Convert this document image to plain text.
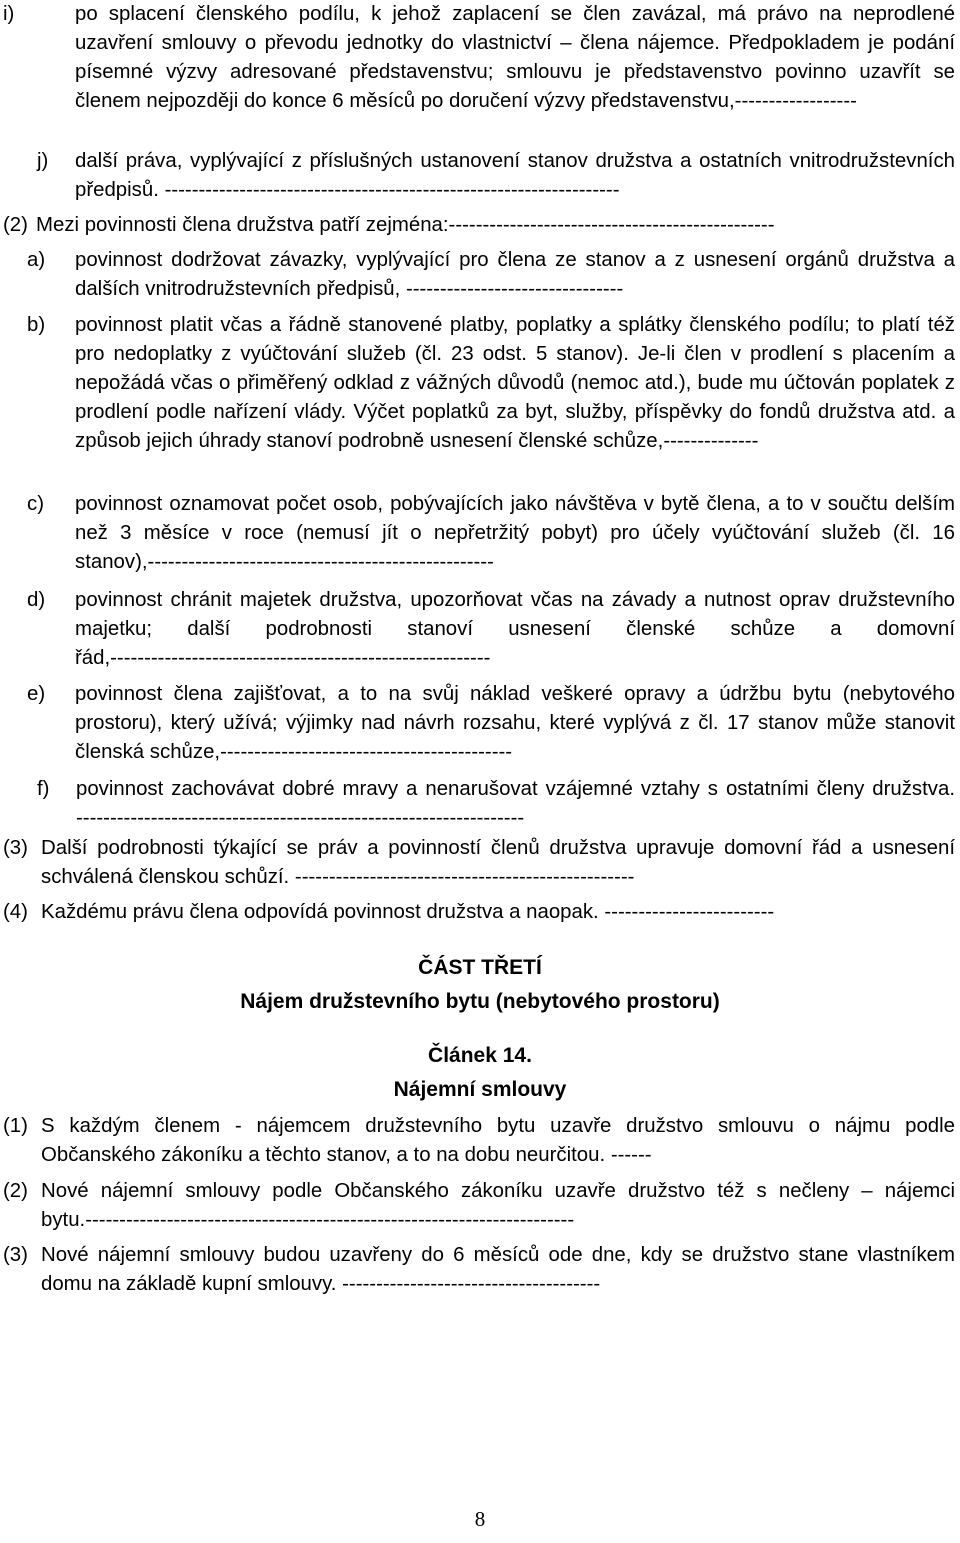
i)	po splacení členského podílu, k jehož zaplacení se člen zavázal, má právo na neprodlené uzavření smlouvy o převodu jednotky do vlastnictví – člena nájemce. Předpokladem je podání písemné výzvy adresované představenstvu; smlouvu je představenstvo povinno uzavřít se členem nejpozději do konce 6 měsíců po doručení výzvy představenstvu,------------------
j) další práva, vyplývající z příslušných ustanovení stanov družstva a ostatních vnitrodružstevních předpisů. -------------------------------------------------------------------
(2) Mezi povinnosti člena družstva patří zejména:------------------------------------------------
a) povinnost dodržovat závazky, vyplývající pro člena ze stanov a z usnesení orgánů družstva a dalších vnitrodružstevních předpisů, --------------------------------
b) povinnost platit včas a řádně stanovené platby, poplatky a splátky členského podílu; to platí též pro nedoplatky z vyúčtování služeb (čl. 23 odst. 5 stanov). Je-li člen v prodlení s placením a nepožádá včas o přiměřený odklad z vážných důvodů (nemoc atd.), bude mu účtován poplatek z prodlení podle nařízení vlády. Výčet poplatků za byt, služby, příspěvky do fondů družstva atd. a způsob jejich úhrady stanoví podrobně usnesení členské schůze,--------------
c) povinnost oznamovat počet osob, pobývajících jako návštěva v bytě člena, a to v součtu delším než 3 měsíce v roce (nemusí jít o nepřetržitý pobyt) pro účely vyúčtování služeb (čl. 16 stanov),---------------------------------------------------
d) povinnost chránit majetek družstva, upozorňovat včas na závady a nutnost oprav družstevního majetku; další podrobnosti stanoví usnesení členské schůze a domovní řád,--------------------------------------------------------
e) povinnost člena zajišťovat, a to na svůj náklad veškeré opravy a údržbu bytu (nebytového prostoru), který užívá; výjimky nad návrh rozsahu, které vyplývá z čl. 17 stanov může stanovit členská schůze,-------------------------------------------
f) povinnost zachovávat dobré mravy a nenarušovat vzájemné vztahy s ostatními členy družstva. ------------------------------------------------------------------
(3) Další podrobnosti týkající se práv a povinností členů družstva upravuje domovní řád a usnesení schválená členskou schůzí. --------------------------------------------------
(4) Každému právu člena odpovídá povinnost družstva a naopak. -------------------------
ČÁST TŘETÍ
Nájem družstevního bytu (nebytového prostoru)
Článek 14.
Nájemní smlouvy
(1) S každým členem - nájemcem družstevního bytu uzavře družstvo smlouvu o nájmu podle Občanského zákoníku a těchto stanov, a to na dobu neurčitou. ------
(2) Nové nájemní smlouvy podle Občanského zákoníku uzavře družstvo též s nečleny – nájemci bytu.------------------------------------------------------------------------
(3) Nové nájemní smlouvy budou uzavřeny do 6 měsíců ode dne, kdy se družstvo stane vlastníkem domu na základě kupní smlouvy. --------------------------------------
8
